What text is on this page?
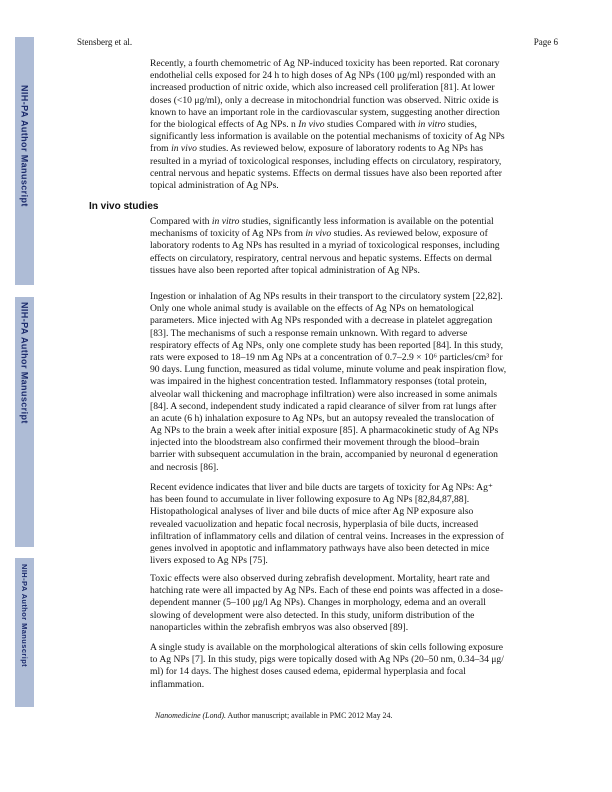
NIH-PA Author Manuscript
NIH-PA Author Manuscript
NIH-PA Author Manuscript
Stensberg et al.	Page 6
Recently, a fourth chemometric of Ag NP-induced toxicity has been reported. Rat coronary
endothelial cells exposed for 24 h to high doses of Ag NPs (100 μg/ml) responded with an
increased production of nitric oxide, which also increased cell proliferation [81]. At lower
doses (<10 μg/ml), only a decrease in mitochondrial function was observed. Nitric oxide is
known to have an important role in the cardiovascular system, suggesting another direction
for the biological effects of Ag NPs. n In vivo studies Compared with in vitro studies,
significantly less information is available on the potential mechanisms of toxicity of Ag NPs
from in vivo studies. As reviewed below, exposure of laboratory rodents to Ag NPs has
resulted in a myriad of toxicological responses, including effects on circulatory, respiratory,
central nervous and hepatic systems. Effects on dermal tissues have also been reported after
topical administration of Ag NPs.
In vivo studies
Compared with in vitro studies, significantly less information is available on the potential
mechanisms of toxicity of Ag NPs from in vivo studies. As reviewed below, exposure of
laboratory rodents to Ag NPs has resulted in a myriad of toxicological responses, including
effects on circulatory, respiratory, central nervous and hepatic systems. Effects on dermal
tissues have also been reported after topical administration of Ag NPs.
Ingestion or inhalation of Ag NPs results in their transport to the circulatory system [22,82].
Only one whole animal study is available on the effects of Ag NPs on hematological
parameters. Mice injected with Ag NPs responded with a decrease in platelet aggregation
[83]. The mechanisms of such a response remain unknown. With regard to adverse
respiratory effects of Ag NPs, only one complete study has been reported [84]. In this study,
rats were exposed to 18–19 nm Ag NPs at a concentration of 0.7–2.9 × 10⁶ particles/cm³ for
90 days. Lung function, measured as tidal volume, minute volume and peak inspiration flow,
was impaired in the highest concentration tested. Inflammatory responses (total protein,
alveolar wall thickening and macrophage infiltration) were also increased in some animals
[84]. A second, independent study indicated a rapid clearance of silver from rat lungs after
an acute (6 h) inhalation exposure to Ag NPs, but an autopsy revealed the translocation of
Ag NPs to the brain a week after initial exposure [85]. A pharmacokinetic study of Ag NPs
injected into the bloodstream also confirmed their movement through the blood–brain
barrier with subsequent accumulation in the brain, accompanied by neuronal d egeneration
and necrosis [86].
Recent evidence indicates that liver and bile ducts are targets of toxicity for Ag NPs: Ag⁺
has been found to accumulate in liver following exposure to Ag NPs [82,84,87,88].
Histopathological analyses of liver and bile ducts of mice after Ag NP exposure also
revealed vacuolization and hepatic focal necrosis, hyperplasia of bile ducts, increased
infiltration of inflammatory cells and dilation of central veins. Increases in the expression of
genes involved in apoptotic and inflammatory pathways have also been detected in mice
livers exposed to Ag NPs [75].
Toxic effects were also observed during zebrafish development. Mortality, heart rate and
hatching rate were all impacted by Ag NPs. Each of these end points was affected in a dose-
dependent manner (5–100 μg/l Ag NPs). Changes in morphology, edema and an overall
slowing of development were also detected. In this study, uniform distribution of the
nanoparticles within the zebrafish embryos was also observed [89].
A single study is available on the morphological alterations of skin cells following exposure
to Ag NPs [7]. In this study, pigs were topically dosed with Ag NPs (20–50 nm, 0.34–34 μg/
ml) for 14 days. The highest doses caused edema, epidermal hyperplasia and focal
inflammation.
Nanomedicine (Lond). Author manuscript; available in PMC 2012 May 24.
